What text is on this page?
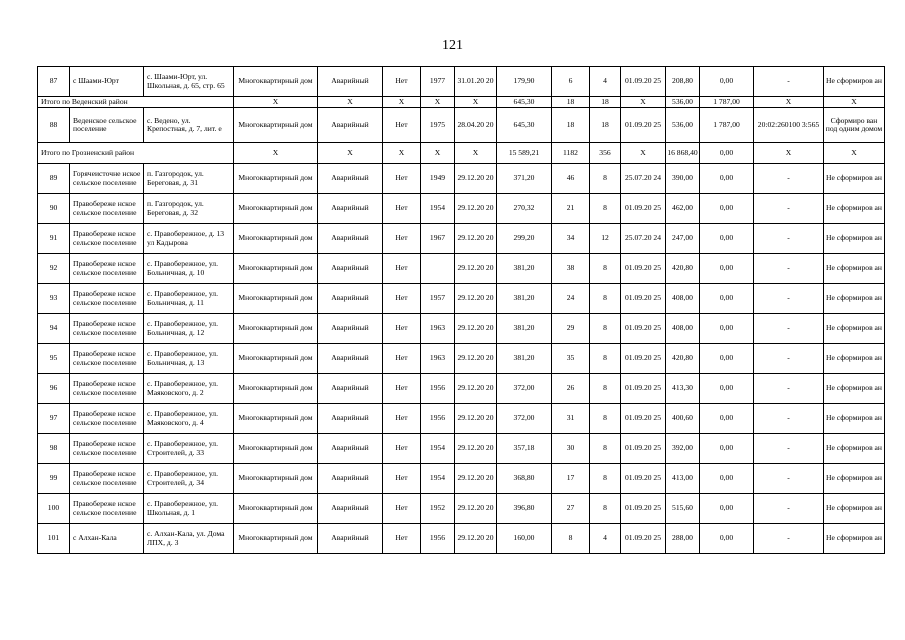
121
87	с Шаами-Юрт	с. Шаами-Юрт, ул. Школьная, д. 65, стр. 65	Многоквартирный дом	Аварийный	Нет	1977	31.01.20 20	179,90	6	4	01.09.20 25	208,80	0,00	-	Не сформиров ан
Итого по Веденский район			X	X	X	X	X	645,30	18	18	X	536,00	1 787,00	X	X
88	Веденское сельское поселение	с. Ведено, ул. Крепостная, д. 7, лит. е	Многоквартирный дом	Аварийный	Нет	1975	28.04.20 20	645,30	18	18	01.09.20 25	536,00	1 787,00	20:02:260100 3:565	Сформиро ван под одним домом
Итого по Грозненский район			X	X	X	X	X	15 589,21	1182	356	X	16 868,40	0,00	X	X
89	Горячеисточне нское сельское поселение	п. Газгородок, ул. Береговая, д. 31	Многоквартирный дом	Аварийный	Нет	1949	29.12.20 20	371,20	46	8	25.07.20 24	390,00	0,00	-	Не сформиров ан
90	Правобереже нское сельское поселение	п. Газгородок, ул. Береговая, д. 32	Многоквартирный дом	Аварийный	Нет	1954	29.12.20 20	270,32	21	8	01.09.20 25	462,00	0,00	-	Не сформиров ан
91	Правобереже нское сельское поселение	с. Правобережное, д. 13 ул Кадырова	Многоквартирный дом	Аварийный	Нет	1967	29.12.20 20	299,20	34	12	25.07.20 24	247,00	0,00	-	Не сформиров ан
92	Правобереже нское сельское поселение	с. Правобережное, ул. Больничная, д. 10	Многоквартирный дом	Аварийный	Нет		29.12.20 20	381,20	38	8	01.09.20 25	420,80	0,00	-	Не сформиров ан
93	Правобереже нское сельское поселение	с. Правобережное, ул. Больничная, д. 11	Многоквартирный дом	Аварийный	Нет	1957	29.12.20 20	381,20	24	8	01.09.20 25	408,00	0,00	-	Не сформиров ан
94	Правобереже нское сельское поселение	с. Правобережное, ул. Больничная, д. 12	Многоквартирный дом	Аварийный	Нет	1963	29.12.20 20	381,20	29	8	01.09.20 25	408,00	0,00	-	Не сформиров ан
95	Правобереже нское сельское поселение	с. Правобережное, ул. Больничная, д. 13	Многоквартирный дом	Аварийный	Нет	1963	29.12.20 20	381,20	35	8	01.09.20 25	420,80	0,00	-	Не сформиров ан
96	Правобереже нское сельское поселение	с. Правобережное, ул. Маяковского, д. 2	Многоквартирный дом	Аварийный	Нет	1956	29.12.20 20	372,00	26	8	01.09.20 25	413,30	0,00	-	Не сформиров ан
97	Правобереже нское сельское поселение	с. Правобережное, ул. Маяковского, д. 4	Многоквартирный дом	Аварийный	Нет	1956	29.12.20 20	372,00	31	8	01.09.20 25	400,60	0,00	-	Не сформиров ан
98	Правобереже нское сельское поселение	с. Правобережное, ул. Строителей, д. 33	Многоквартирный дом	Аварийный	Нет	1954	29.12.20 20	357,18	30	8	01.09.20 25	392,00	0,00	-	Не сформиров ан
99	Правобереже нское сельское поселение	с. Правобережное, ул. Строителей, д. 34	Многоквартирный дом	Аварийный	Нет	1954	29.12.20 20	368,80	17	8	01.09.20 25	413,00	0,00	-	Не сформиров ан
100	Правобереже нское сельское поселение	с. Правобережное, ул. Школьная, д. 1	Многоквартирный дом	Аварийный	Нет	1952	29.12.20 20	396,80	27	8	01.09.20 25	515,60	0,00	-	Не сформиров ан
101	с Алхан-Кала	с. Алхан-Кала, ул. Дома ЛПХ, д. 3	Многоквартирный дом	Аварийный	Нет	1956	29.12.20 20	160,00	8	4	01.09.20 25	288,00	0,00	-	Не сформиров ан
